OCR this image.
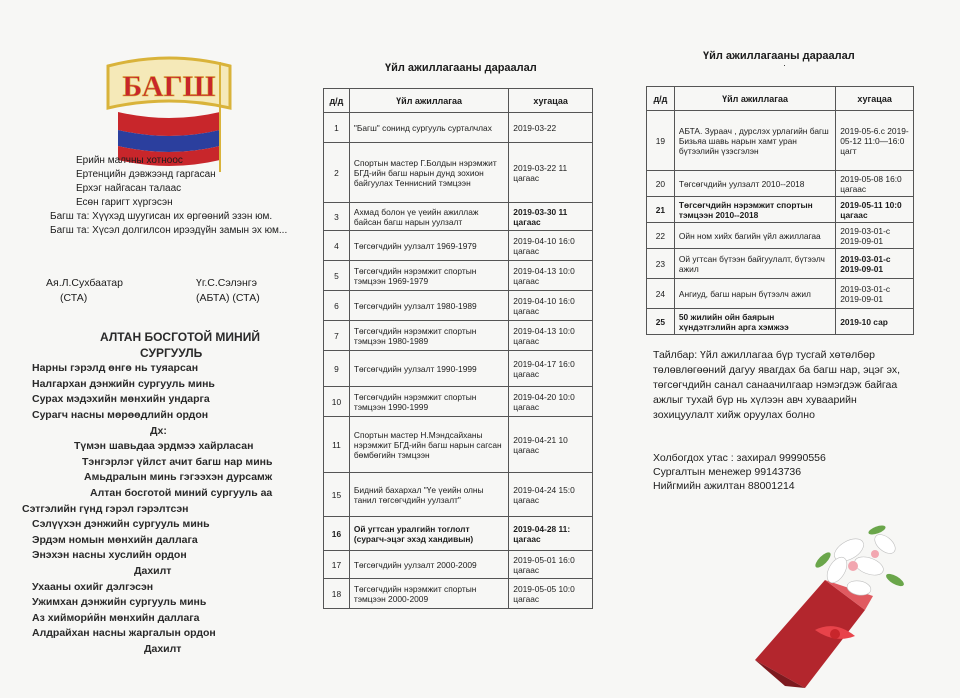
БАГШ
Ерийн малчны хотноос
Ертенцийн дэвжээнд гаргасан
Ерхэг найгасан талаас
Есөн гаригт хүргэсэн
Багш та: Хүүхэд шуугисан их өргөөний эзэн юм.
Багш та: Хүсэл долгилсон ирээдүйн замын эх юм...
Ая.Л.Сухбаатар
(СТА)
Үг.С.Сэлэнгэ
(АБТА) (СТА)
АЛТАН БОСГОТОЙ МИНИЙ
СУРГУУЛЬ
Нарны гэрэлд өнгө нь туяарсан
Налгархан дэнжийн сургууль минь
Сурах мэдэхийн мөнхийн ундарга
Сурагч насны мөрөөдлийн ордон
Дх:
Түмэн шавьдаа эрдмээ хайрласан
Тэнгэрлэг үйлст ачит багш нар минь
Амьдралын минь гэгээхэн дурсамж
Алтан босготой миний сургууль аа
Сэтгэлийн гүнд гэрэл гэрэлтсэн
Сэлүүхэн дэнжийн сургууль минь
Эрдэм номын мөнхийн даллага
Энэхэн насны хуслийн ордон
Дахилт
Ухааны охийг дэлгэсэн
Ужимхан дэнжийн сургууль минь
Аз хиймори́йн мөнхийн даллага
Алдрайхан насны жаргалын ордон
Дахилт
Үйл ажиллагааны дараалал
д/д	Үйл ажиллагаа	хугацаа
1	"Багш" сонинд сургууль сурталчлах	2019-03-22
2	Спортын мастер Г.Болдын нэрэмжит БГД-ийн багш нарын дунд зохион байгуулах Теннисний тэмцээн	2019-03-22 11 цагаас
3	Ахмад болон үе үеийн ажиллаж байсан багш нарын уулзалт	2019-03-30 11 цагаас
4	Төгсөгчдийн уулзалт 1969-1979	2019-04-10 16:0 цагаас
5	Төгсөгчдийн нэрэмжит спортын тэмцээн 1969-1979	2019-04-13 10:0 цагаас
6	Төгсөгчдийн уулзалт 1980-1989	2019-04-10 16:0 цагаас
7	Төгсөгчдийн нэрэмжит спортын тэмцээн 1980-1989	2019-04-13 10:0 цагаас
9	Төгсөгчдийн уулзалт 1990-1999	2019-04-17 16:0 цагаас
10	Төгсөгчдийн нэрэмжит спортын тэмцээн 1990-1999	2019-04-20 10:0 цагаас
11	Спортын мастер Н.Мэндсайханы нэрэмжит БГД-ийн багш нарын сагсан бөмбөгийн тэмцээн	2019-04-21 10 цагаас
15	Бидний бахархал "Үе үеийн олны танил төгсөгчдийн уулзалт"	2019-04-24 15:0 цагаас
16	Ой угтсан уралгийн тоглолт (сурагч-эцэг эхэд хандивын)	2019-04-28 11: цагаас
17	Төгсөгчдийн уулзалт 2000-2009	2019-05-01 16:0 цагаас
18	Төгсөгчдийн нэрэмжит спортын тэмцээн 2000-2009	2019-05-05 10:0 цагаас
Үйл ажиллагааны дараалал
·
д/д	Үйл ажиллагаа	хугацаа
19	АБТА. Зураач , дурслэх урлагийн багш Бизьяа шавь нарын хамт уран бүтээлийн үзэсгэлэн	2019-05-6.с 2019-05-12 11:0—16:0 цагт
20	Төгсөгчдийн уулзалт 2010--2018	2019-05-08 16:0 цагаас
21	Төгсөгчдийн нэрэмжит спортын тэмцээн 2010--2018	2019-05-11 10:0 цагаас
22	Ойн ном хийх багийн үйл ажиллагаа	2019-03-01-с 2019-09-01
23	Ой угтсан бүтээн байгуулалт, бүтээлч ажил	2019-03-01-с 2019-09-01
24	Ангиуд, багш нарын бүтээлч ажил	2019-03-01-с 2019-09-01
25	50 жилийн ойн баярын хүндэтгэлийн арга хэмжээ	2019-10 сар
Тайлбар: Үйл ажиллагаа бүр тусгай хөтөлбөр төлөвлөгөөний дагуу явагдах ба багш нар, эцэг эх, төгсөгчдийн санал санаачилгаар нэмэгдэж байгаа ажлыг тухай бүр нь хүлээн авч хуваарийн зохицуулалт хийж оруулах болно
Холбогдох утас : захирал 99990556
Сургалтын менежер 99143736
Нийгмийн ажилтан 88001214
